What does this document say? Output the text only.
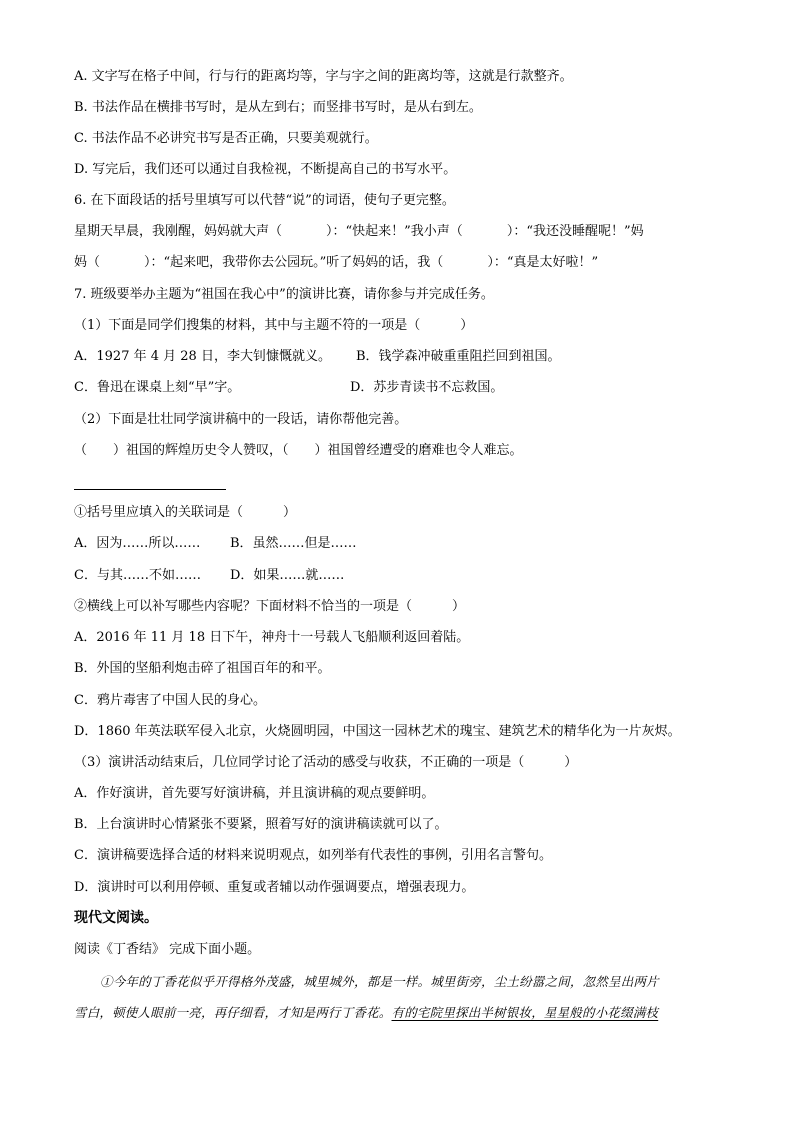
A. 文字写在格子中间，行与行的距离均等，字与字之间的距离均等，这就是行款整齐。
B. 书法作品在横排书写时，是从左到右；而竖排书写时，是从右到左。
C. 书法作品不必讲究书写是否正确，只要美观就行。
D. 写完后，我们还可以通过自我检视，不断提高自己的书写水平。
6. 在下面段话的括号里填写可以代替“说”的词语，使句子更完整。
星期天早晨，我刚醒，妈妈就大声（	）：“快起来！”我小声（	）：“我还没睡醒呢！”妈
妈（	）：“起来吧，我带你去公园玩。”听了妈妈的话，我（	）：“真是太好啦！”
7. 班级要举办主题为“祖国在我心中”的演讲比赛，请你参与并完成任务。
（1）下面是同学们搜集的材料，其中与主题不符的一项是（	）
A．1927 年 4 月 28 日，李大钊慷慨就义。 B．钱学森冲破重重阻拦回到祖国。
C．鲁迅在课桌上刻“早”字。	D．苏步青读书不忘救国。
（2）下面是壮壮同学演讲稿中的一段话，请你帮他完善。
（ ）祖国的辉煌历史令人赞叹，（ ）祖国曾经遭受的磨难也令人难忘。
①括号里应填入的关联词是（	）
A．因为……所以…… B．虽然……但是……
C．与其……不如…… D．如果……就……
②横线上可以补写哪些内容呢？下面材料不恰当的一项是（	）
A．2016 年 11 月 18 日下午，神舟十一号载人飞船顺利返回着陆。
B．外国的坚船利炮击碎了祖国百年的和平。
C．鸦片毒害了中国人民的身心。
D．1860 年英法联军侵入北京，火烧圆明园，中国这一园林艺术的瑰宝、建筑艺术的精华化为一片灰烬。
（3）演讲活动结束后，几位同学讨论了活动的感受与收获，不正确的一项是（	）
A．作好演讲，首先要写好演讲稿，并且演讲稿的观点要鲜明。
B．上台演讲时心情紧张不要紧，照着写好的演讲稿读就可以了。
C．演讲稿要选择合适的材料来说明观点，如列举有代表性的事例，引用名言警句。
D．演讲时可以利用停顿、重复或者辅以动作强调要点，增强表现力。
现代文阅读。
阅读《丁香结》 完成下面小题。
①今年的丁香花似乎开得格外茂盛，城里城外，都是一样。城里街旁，尘土纷嚣之间，忽然呈出两片
雪白，顿使人眼前一亮，再仔细看，才知是两行丁香花。有的宅院里探出半树银妆，星星般的小花缀满枝
